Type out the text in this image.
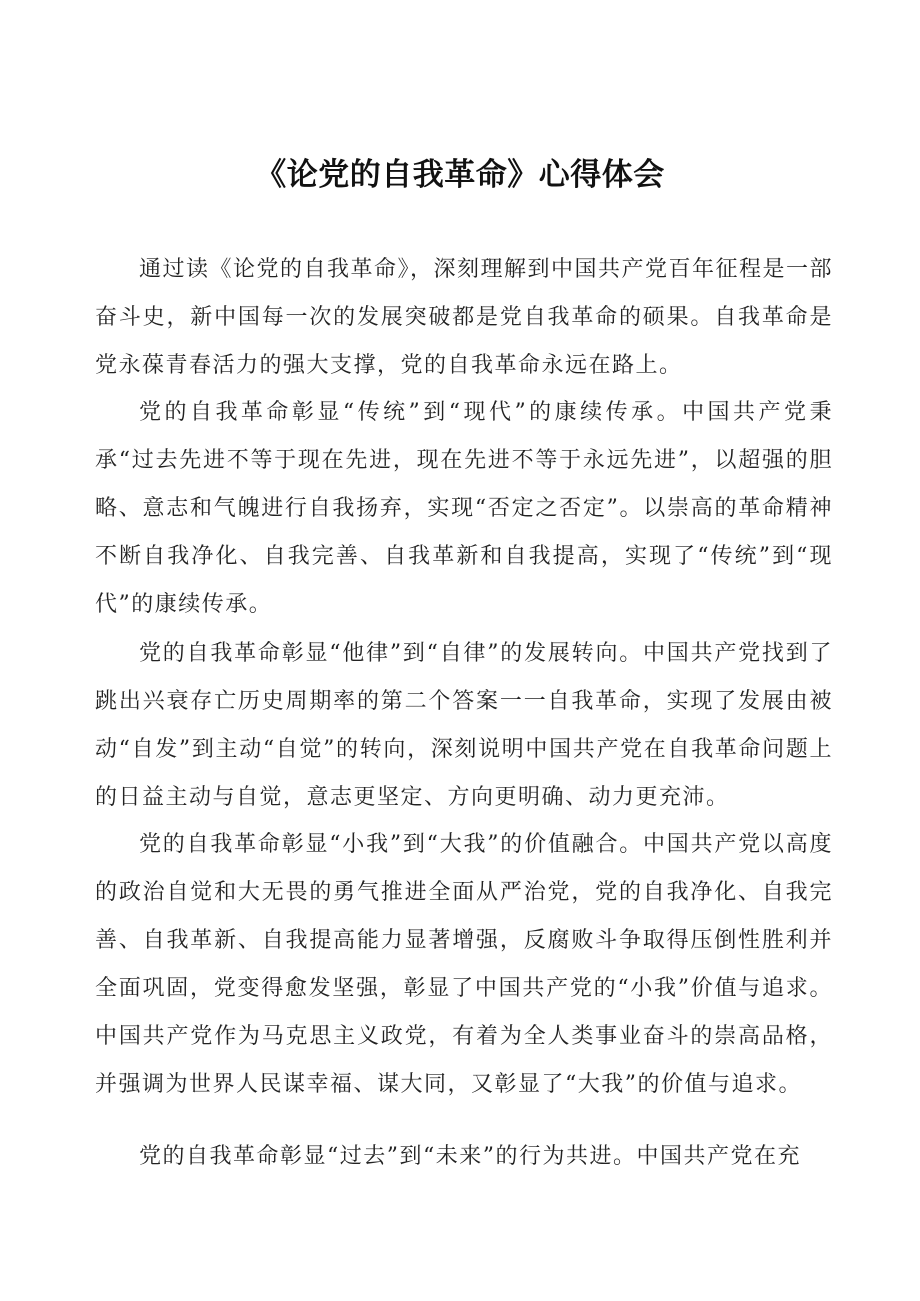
《论党的自我革命》心得体会

通过读《论党的自我革命》，深刻理解到中国共产党百年征程是一部奋斗史，新中国每一次的发展突破都是党自我革命的硕果。自我革命是党永葆青春活力的强大支撑，党的自我革命永远在路上。

党的自我革命彰显“传统”到“现代”的康续传承。中国共产党秉承“过去先进不等于现在先进，现在先进不等于永远先进”，以超强的胆略、意志和气魄进行自我扬弃，实现“否定之否定”。以崇高的革命精神不断自我净化、自我完善、自我革新和自我提高，实现了“传统”到“现代”的康续传承。

党的自我革命彰显“他律”到“自律”的发展转向。中国共产党找到了跳出兴衰存亡历史周期率的第二个答案一一自我革命，实现了发展由被动“自发”到主动“自觉”的转向，深刻说明中国共产党在自我革命问题上的日益主动与自觉，意志更坚定、方向更明确、动力更充沛。

党的自我革命彰显“小我”到“大我”的价值融合。中国共产党以高度的政治自觉和大无畏的勇气推进全面从严治党，党的自我净化、自我完善、自我革新、自我提高能力显著增强，反腐败斗争取得压倒性胜利并全面巩固，党变得愈发坚强，彰显了中国共产党的“小我”价值与追求。中国共产党作为马克思主义政党，有着为全人类事业奋斗的崇高品格，并强调为世界人民谋幸福、谋大同，又彰显了“大我”的价值与追求。

党的自我革命彰显“过去”到“未来”的行为共进。中国共产党在充
